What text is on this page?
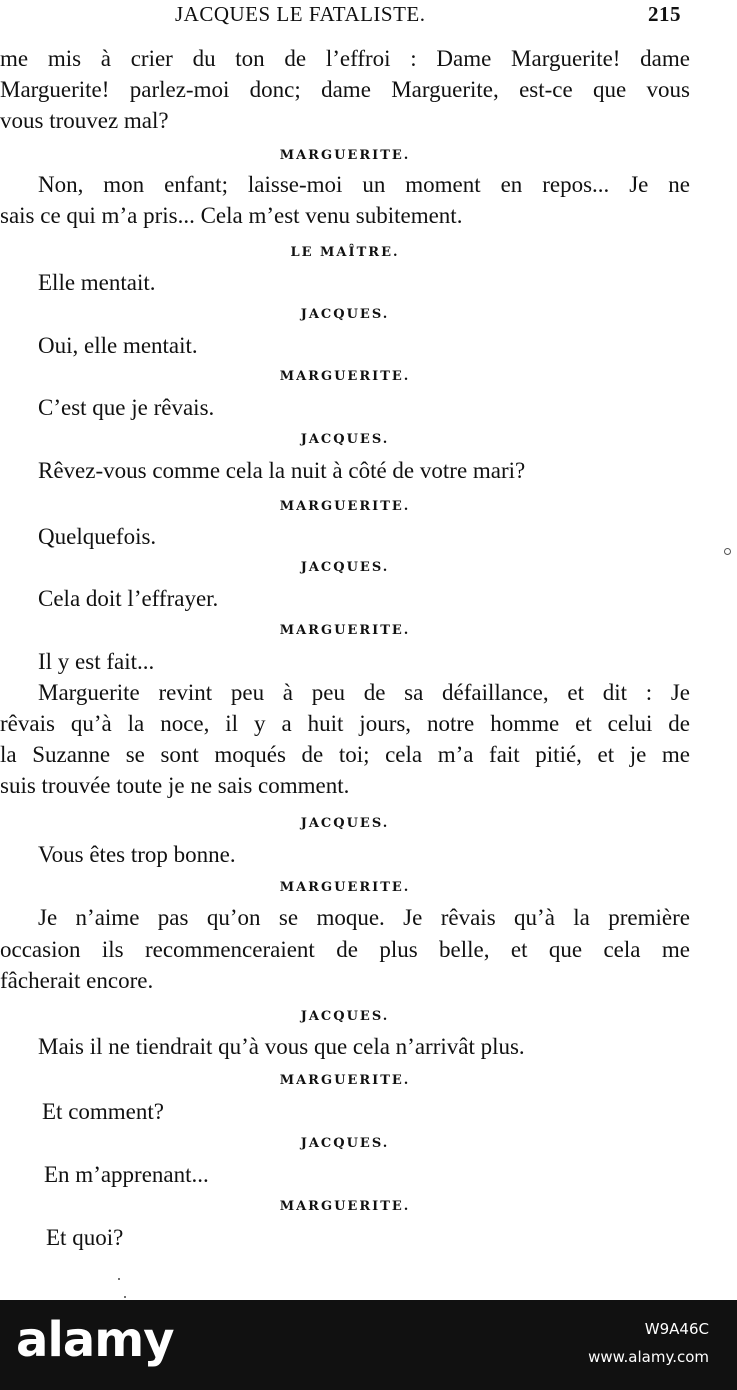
JACQUES LE FATALISTE.	215
me mis à crier du ton de l’effroi : Dame Marguerite! dame
Marguerite! parlez-moi donc; dame Marguerite, est-ce que vous
vous trouvez mal?
MARGUERITE.
Non, mon enfant; laisse-moi un moment en repos... Je ne
sais ce qui m’a pris... Cela m’est venu subitement.
LE MAÎTRE.
Elle mentait.
JACQUES.
Oui, elle mentait.
MARGUERITE.
C’est que je rêvais.
JACQUES.
Rêvez-vous comme cela la nuit à côté de votre mari?
MARGUERITE.
Quelquefois.
JACQUES.
Cela doit l’effrayer.
MARGUERITE.
Il y est fait...
Marguerite revint peu à peu de sa défaillance, et dit : Je
rêvais qu’à la noce, il y a huit jours, notre homme et celui de
la Suzanne se sont moqués de toi; cela m’a fait pitié, et je me
suis trouvée toute je ne sais comment.
JACQUES.
Vous êtes trop bonne.
MARGUERITE.
Je n’aime pas qu’on se moque. Je rêvais qu’à la première
occasion ils recommenceraient de plus belle, et que cela me
fâcherait encore.
JACQUES.
Mais il ne tiendrait qu’à vous que cela n’arrivât plus.
MARGUERITE.
Et comment?
JACQUES.
En m’apprenant...
MARGUERITE.
Et quoi?
alamy	W9A46C
www.alamy.com
